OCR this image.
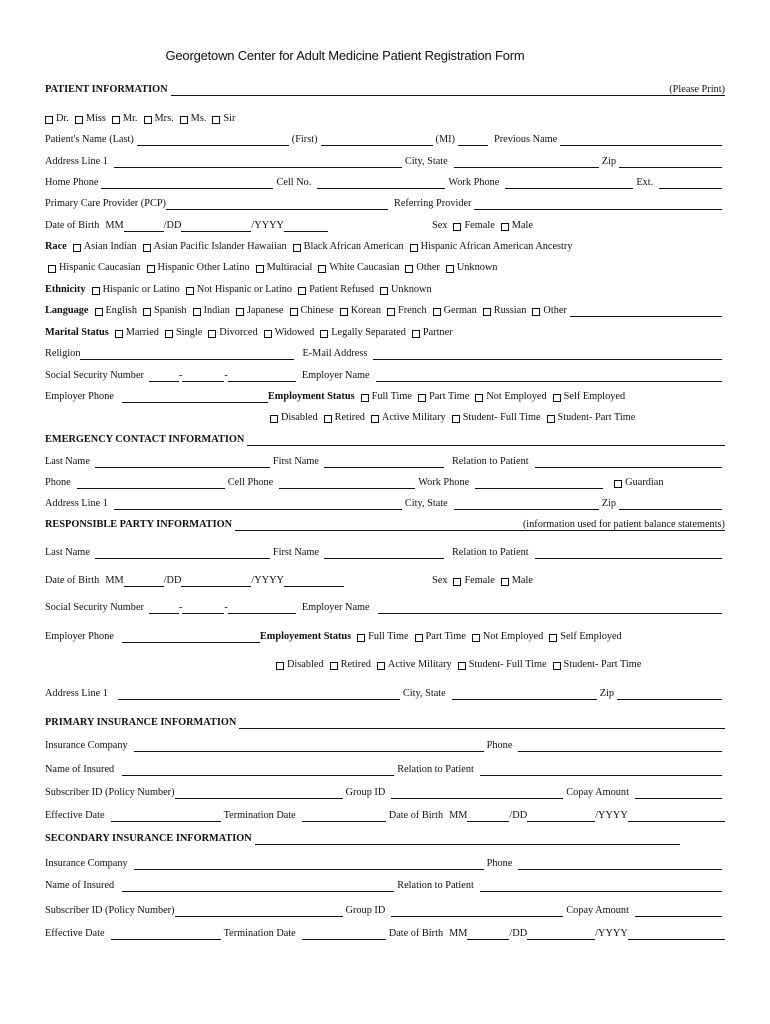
Georgetown Center for Adult Medicine Patient Registration Form
PATIENT INFORMATION	(Please Print)
Dr. Miss Mr. Mrs. Ms. Sir
Patient's Name (Last)	(First)	(MI)	Previous Name
Address Line 1	City, State	Zip
Home Phone	Cell No.	Work Phone	Ext.
Primary Care Provider (PCP)	Referring Provider
Date of Birth MM	/DD	/YYYY	Sex Female Male
Race Asian Indian Asian Pacific Islander Hawaiian Black African American Hispanic African American Ancestry
Hispanic Caucasian Hispanic Other Latino Multiracial White Caucasian Other Unknown
Ethnicity Hispanic or Latino Not Hispanic or Latino Patient Refused Unknown
Language English Spanish Indian Japanese Chinese Korean French German Russian Other
Marital Status Married Single Divorced Widowed Legally Separated Partner
Religion	E-Mail Address
Social Security Number	-	-	Employer Name
Employer Phone	Employment Status Full Time Part Time Not Employed Self Employed
Disabled Retired Active Military Student- Full Time Student- Part Time
EMERGENCY CONTACT INFORMATION
Last Name	First Name	Relation to Patient
Phone	Cell Phone	Work Phone	Guardian
Address Line 1	City, State	Zip
RESPONSIBLE PARTY INFORMATION	(information used for patient balance statements)
Last Name	First Name	Relation to Patient
Date of Birth MM	/DD	/YYYY	Sex Female Male
Social Security Number	-	-	Employer Name
Employer Phone	Employement Status Full Time Part Time Not Employed Self Employed
Disabled Retired Active Military Student- Full Time Student- Part Time
Address Line 1	City, State	Zip
PRIMARY INSURANCE INFORMATION
Insurance Company	Phone
Name of Insured	Relation to Patient
Subscriber ID (Policy Number)	Group ID	Copay Amount
Effective Date	Termination Date	Date of Birth MM	/DD	/YYYY
SECONDARY INSURANCE INFORMATION
Insurance Company	Phone
Name of Insured	Relation to Patient
Subscriber ID (Policy Number)	Group ID	Copay Amount
Effective Date	Termination Date	Date of Birth MM	/DD	/YYYY
